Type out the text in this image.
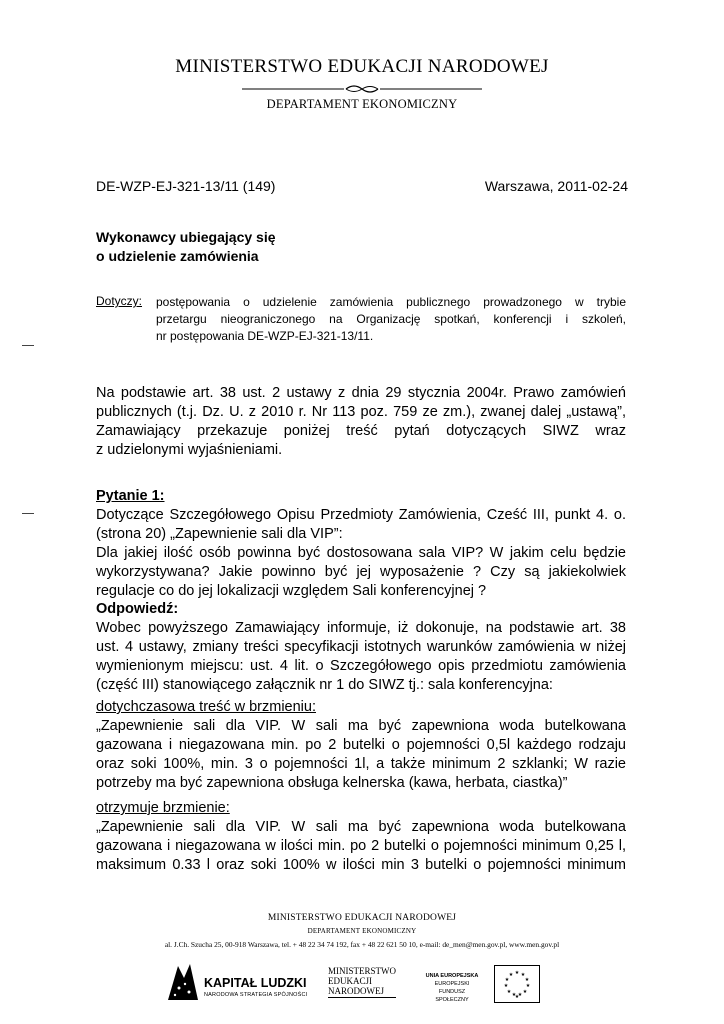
MINISTERSTWO EDUKACJI NARODOWEJ
DEPARTAMENT EKONOMICZNY
DE-WZP-EJ-321-13/11 (149)	Warszawa, 2011-02-24
Wykonawcy ubiegający się
o udzielenie zamówienia
Dotyczy: postępowania o udzielenie zamówienia publicznego prowadzonego w trybie
przetargu nieograniczonego na Organizację spotkań, konferencji i szkoleń,
nr postępowania DE-WZP-EJ-321-13/11.
Na podstawie art. 38 ust. 2 ustawy z dnia 29 stycznia 2004r. Prawo zamówień
publicznych (t.j. Dz. U. z 2010 r. Nr 113 poz. 759 ze zm.), zwanej dalej „ustawą”,
Zamawiający przekazuje poniżej treść pytań dotyczących SIWZ wraz
z udzielonymi wyjaśnieniami.
Pytanie 1:
Dotyczące Szczegółowego Opisu Przedmioty Zamówienia, Cześć III, punkt 4. o.
(strona 20) „Zapewnienie sali dla VIP”:
Dla jakiej ilość osób powinna być dostosowana sala VIP? W jakim celu będzie
wykorzystywana? Jakie powinno być jej wyposażenie ? Czy są jakiekolwiek
regulacje co do jej lokalizacji względem Sali konferencyjnej ?
Odpowiedź:
Wobec powyższego Zamawiający informuje, iż dokonuje, na podstawie art. 38
ust. 4 ustawy, zmiany treści specyfikacji istotnych warunków zamówienia w niżej
wymienionym miejscu: ust. 4 lit. o Szczegółowego opis przedmiotu zamówienia
(część III) stanowiącego załącznik nr 1 do SIWZ tj.: sala konferencyjna:
dotychczasowa treść w brzmieniu:
„Zapewnienie sali dla VIP. W sali ma być zapewniona woda butelkowana
gazowana i niegazowana min. po 2 butelki o pojemności 0,5l każdego rodzaju
oraz soki 100%, min. 3 o pojemności 1l, a także minimum 2 szklanki; W razie
potrzeby ma być zapewniona obsługa kelnerska (kawa, herbata, ciastka)”
otrzymuje brzmienie:
„Zapewnienie sali dla VIP. W sali ma być zapewniona woda butelkowana
gazowana i niegazowana w ilości min. po 2 butelki o pojemności minimum 0,25 l,
maksimum 0.33 l oraz soki 100% w ilości min 3 butelki o pojemności minimum
MINISTERSTWO EDUKACJI NARODOWEJ
DEPARTAMENT EKONOMICZNY
al. J.Ch. Szucha 25, 00-918 Warszawa, tel. + 48 22 34 74 192, fax + 48 22 621 50 10, e-mail: de_men@men.gov.pl, www.men.gov.pl
KAPITAŁ LUDZKI
NARODOWA STRATEGIA SPÓJNOŚCI
MINISTERSTWO
EDUKACJI
NARODOWEJ
UNIA EUROPEJSKA
EUROPEJSKI
FUNDUSZ SPOŁECZNY
★ ★
★
★
★
★
★
★
★
★
★
★
